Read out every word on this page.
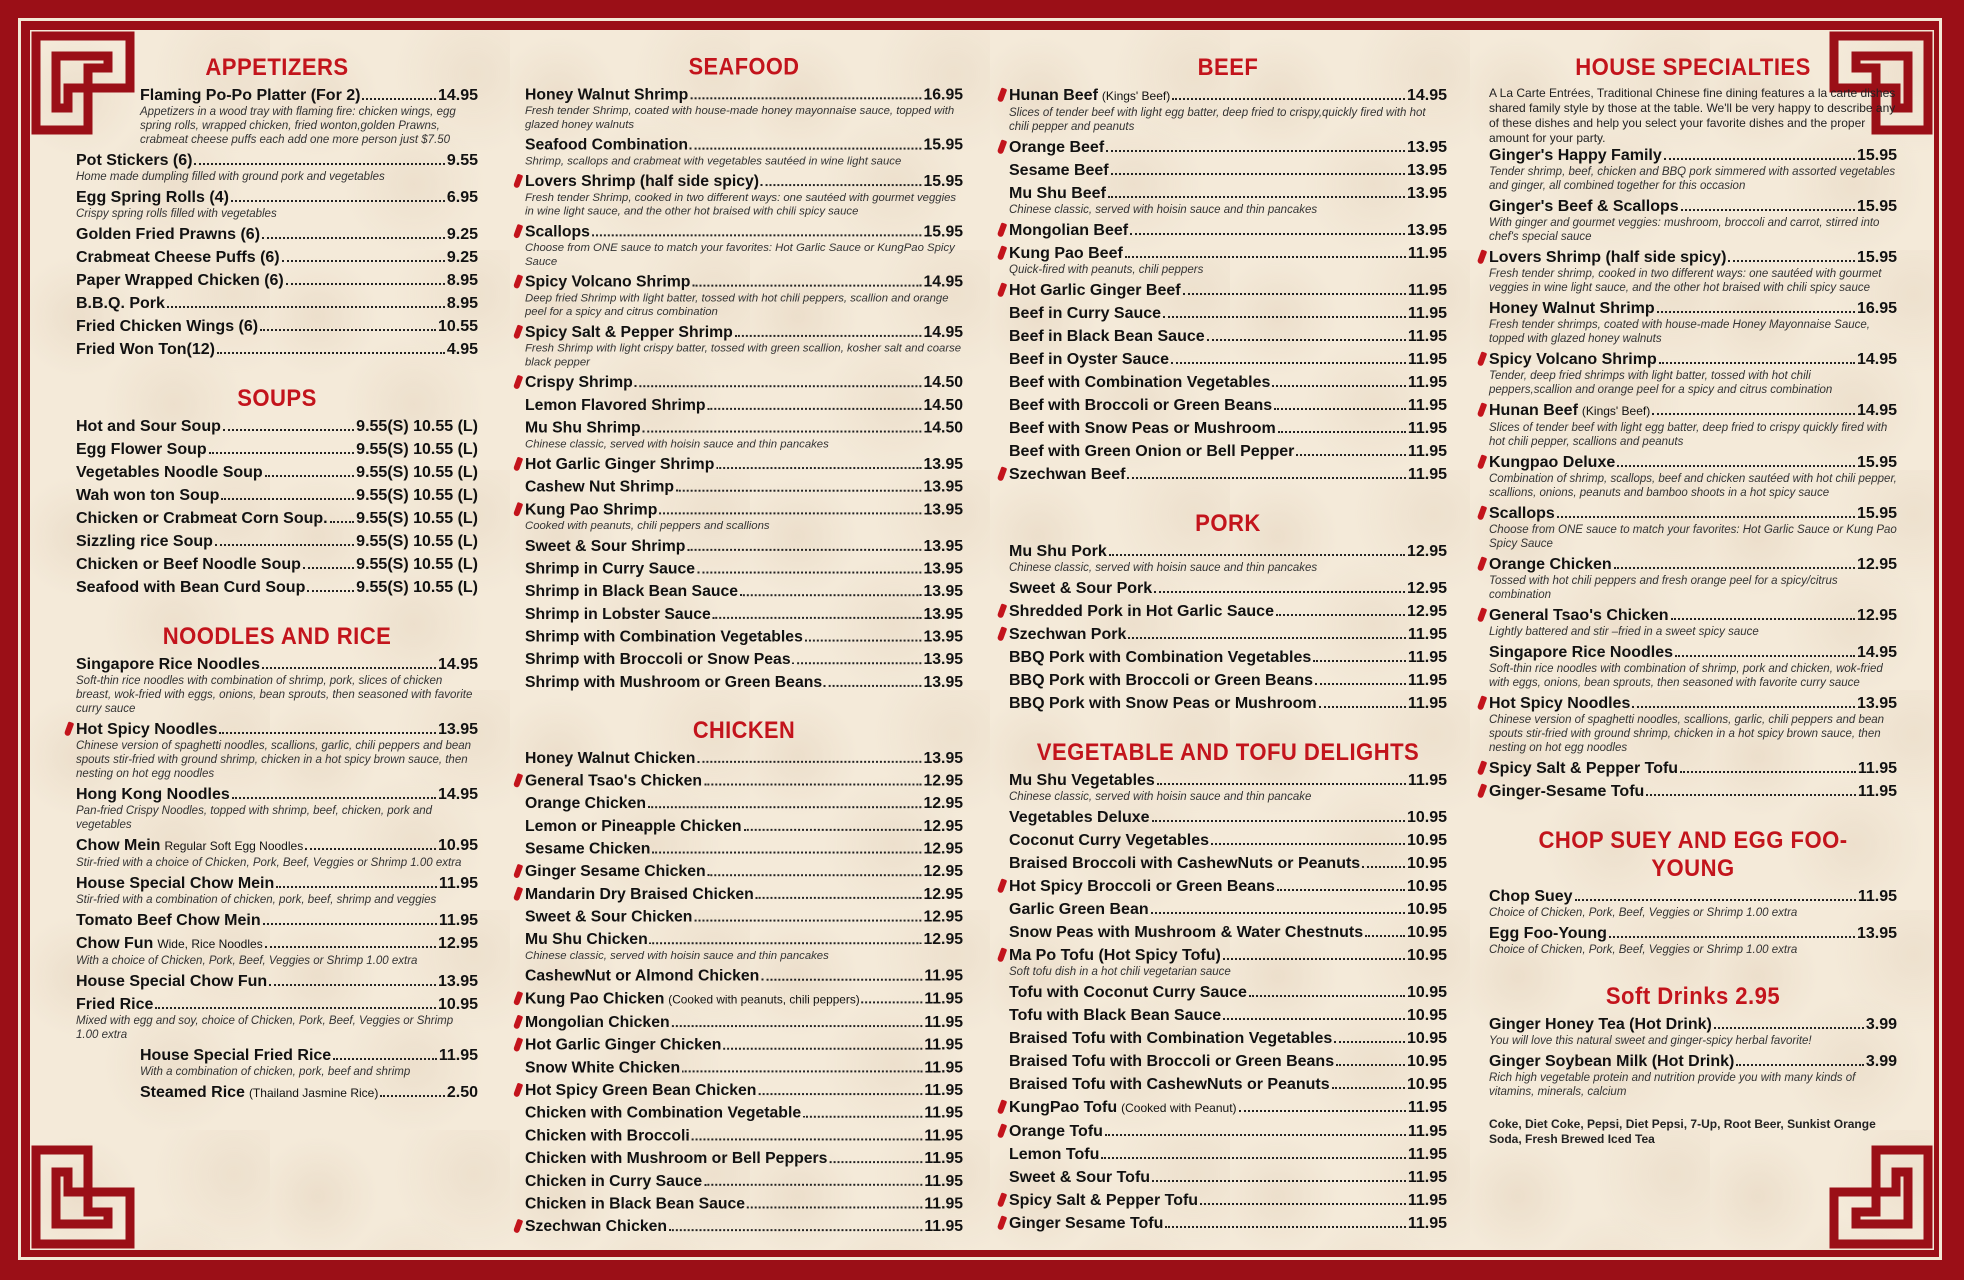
APPETIZERS
Flaming Po-Po Platter (For 2)	14.95
Appetizers in a wood tray with flaming fire: chicken wings, egg spring rolls, wrapped chicken, fried wonton,golden Prawns, crabmeat cheese puffs each add one more person just $7.50
Pot Stickers (6)	9.55
Home made dumpling filled with ground pork and vegetables
Egg Spring Rolls (4)	6.95
Crispy spring rolls filled with vegetables
Golden Fried Prawns (6)	9.25
Crabmeat Cheese Puffs (6)	9.25
Paper Wrapped Chicken (6)	8.95
B.B.Q. Pork	8.95
Fried Chicken Wings (6)	10.55
Fried Won Ton(12)	4.95
SOUPS
Hot and Sour Soup	9.55(S) 10.55 (L)
Egg Flower Soup	9.55(S) 10.55 (L)
Vegetables Noodle Soup	9.55(S) 10.55 (L)
Wah won ton Soup	9.55(S) 10.55 (L)
Chicken or Crabmeat Corn Soup. 9.55(S) 10.55 (L)
Sizzling rice Soup	9.55(S) 10.55 (L)
Chicken or Beef Noodle Soup	9.55(S) 10.55 (L)
Seafood with Bean Curd Soup	9.55(S) 10.55 (L)
NOODLES AND RICE
Singapore Rice Noodles	14.95
Soft-thin rice noodles with combination of shrimp, pork, slices of chicken breast, wok-fried with eggs, onions, bean sprouts, then seasoned with favorite curry sauce
Hot Spicy Noodles	13.95
Chinese version of spaghetti noodles, scallions, garlic, chili peppers and bean spouts stir-fried with ground shrimp, chicken in a hot spicy brown sauce, then nesting on hot egg noodles
Hong Kong Noodles	14.95
Pan-fried Crispy Noodles, topped with shrimp, beef, chicken, pork and vegetables
Chow Mein Regular Soft Egg Noodles	10.95
Stir-fried with a choice of Chicken, Pork, Beef, Veggies or Shrimp 1.00 extra
House Special Chow Mein	11.95
Stir-fried with a combination of chicken, pork, beef, shrimp and veggies
Tomato Beef Chow Mein	11.95
Chow Fun Wide, Rice Noodles	12.95
With a choice of Chicken, Pork, Beef, Veggies or Shrimp 1.00 extra
House Special Chow Fun	13.95
Fried Rice	10.95
Mixed with egg and soy, choice of Chicken, Pork, Beef, Veggies or Shrimp 1.00 extra
House Special Fried Rice	11.95
With a combination of chicken, pork, beef and shrimp
Steamed Rice (Thailand Jasmine Rice)	2.50
SEAFOOD
Honey Walnut Shrimp	16.95
Fresh tender Shrimp, coated with house-made honey mayonnaise sauce, topped with glazed honey walnuts
Seafood Combination	15.95
Shrimp, scallops and crabmeat with vegetables sautéed in wine light sauce
Lovers Shrimp (half side spicy)	15.95
Fresh tender Shrimp, cooked in two different ways: one sautéed with gourmet veggies in wine light sauce, and the other hot braised with chili spicy sauce
Scallops	15.95
Choose from ONE sauce to match your favorites: Hot Garlic Sauce or KungPao Spicy Sauce
Spicy Volcano Shrimp	14.95
Deep fried Shrimp with light batter, tossed with hot chili peppers, scallion and orange peel for a spicy and citrus combination
Spicy Salt & Pepper Shrimp	14.95
Fresh Shrimp with light crispy batter, tossed with green scallion, kosher salt and coarse black pepper
Crispy Shrimp	14.50
Lemon Flavored Shrimp	14.50
Mu Shu Shrimp	14.50
Chinese classic, served with hoisin sauce and thin pancakes
Hot Garlic Ginger Shrimp	13.95
Cashew Nut Shrimp	13.95
Kung Pao Shrimp	13.95
Cooked with peanuts, chili peppers and scallions
Sweet & Sour Shrimp	13.95
Shrimp in Curry Sauce	13.95
Shrimp in Black Bean Sauce	13.95
Shrimp in Lobster Sauce	13.95
Shrimp with Combination Vegetables	13.95
Shrimp with Broccoli or Snow Peas	13.95
Shrimp with Mushroom or Green Beans	13.95
CHICKEN
Honey Walnut Chicken	13.95
General Tsao's Chicken	12.95
Orange Chicken	12.95
Lemon or Pineapple Chicken	12.95
Sesame Chicken	12.95
Ginger Sesame Chicken	12.95
Mandarin Dry Braised Chicken	12.95
Sweet & Sour Chicken	12.95
Mu Shu Chicken	12.95
Chinese classic, served with hoisin sauce and thin pancakes
CashewNut or Almond Chicken	11.95
Kung Pao Chicken (Cooked with peanuts, chili peppers)	11.95
Mongolian Chicken	11.95
Hot Garlic Ginger Chicken	11.95
Snow White Chicken	11.95
Hot Spicy Green Bean Chicken	11.95
Chicken with Combination Vegetable	11.95
Chicken with Broccoli	11.95
Chicken with Mushroom or Bell Peppers	11.95
Chicken in Curry Sauce	11.95
Chicken in Black Bean Sauce	11.95
Szechwan Chicken	11.95
BEEF
Hunan Beef (Kings' Beef)	14.95
Slices of tender beef with light egg batter, deep fried to crispy,quickly fired with hot chili pepper and peanuts
Orange Beef	13.95
Sesame Beef	13.95
Mu Shu Beef	13.95
Chinese classic, served with hoisin sauce and thin pancakes
Mongolian Beef	13.95
Kung Pao Beef	11.95
Quick-fired with peanuts, chili peppers
Hot Garlic Ginger Beef	11.95
Beef in Curry Sauce	11.95
Beef in Black Bean Sauce	11.95
Beef in Oyster Sauce	11.95
Beef with Combination Vegetables	11.95
Beef with Broccoli or Green Beans	11.95
Beef with Snow Peas or Mushroom	11.95
Beef with Green Onion or Bell Pepper	11.95
Szechwan Beef	11.95
PORK
Mu Shu Pork	12.95
Chinese classic, served with hoisin sauce and thin pancakes
Sweet & Sour Pork	12.95
Shredded Pork in Hot Garlic Sauce	12.95
Szechwan Pork	11.95
BBQ Pork with Combination Vegetables	11.95
BBQ Pork with Broccoli or Green Beans	11.95
BBQ Pork with Snow Peas or Mushroom	11.95
VEGETABLE AND TOFU DELIGHTS
Mu Shu Vegetables	11.95
Chinese classic, served with hoisin sauce and thin pancake
Vegetables Deluxe	10.95
Coconut Curry Vegetables	10.95
Braised Broccoli with CashewNuts or Peanuts	10.95
Hot Spicy Broccoli or Green Beans	10.95
Garlic Green Bean	10.95
Snow Peas with Mushroom & Water Chestnuts	10.95
Ma Po Tofu (Hot Spicy Tofu)	10.95
Soft tofu dish in a hot chili vegetarian sauce
Tofu with Coconut Curry Sauce	10.95
Tofu with Black Bean Sauce	10.95
Braised Tofu with Combination Vegetables	10.95
Braised Tofu with Broccoli or Green Beans	10.95
Braised Tofu with CashewNuts or Peanuts	10.95
KungPao Tofu (Cooked with Peanut)	11.95
Orange Tofu	11.95
Lemon Tofu	11.95
Sweet & Sour Tofu	11.95
Spicy Salt & Pepper Tofu	11.95
Ginger Sesame Tofu	11.95
HOUSE SPECIALTIES
A La Carte Entrées, Traditional Chinese fine dining features a la carte dishes shared family style by those at the table. We'll be very happy to describe any of these dishes and help you select your favorite dishes and the proper amount for your party.
Ginger's Happy Family	15.95
Tender shrimp, beef, chicken and BBQ pork simmered with assorted vegetables and ginger, all combined together for this occasion
Ginger's Beef & Scallops	15.95
With ginger and gourmet veggies: mushroom, broccoli and carrot, stirred into chef's special sauce
Lovers Shrimp (half side spicy)	15.95
Fresh tender shrimp, cooked in two different ways: one sautéed with gourmet veggies in wine light sauce, and the other hot braised with chili spicy sauce
Honey Walnut Shrimp	16.95
Fresh tender shrimps, coated with house-made Honey Mayonnaise Sauce, topped with glazed honey walnuts
Spicy Volcano Shrimp	14.95
Tender, deep fried shrimps with light batter, tossed with hot chili peppers,scallion and orange peel for a spicy and citrus combination
Hunan Beef (Kings' Beef)	14.95
Slices of tender beef with light egg batter, deep fried to crispy quickly fired with hot chili pepper, scallions and peanuts
Kungpao Deluxe	15.95
Combination of shrimp, scallops, beef and chicken sautéed with hot chili pepper, scallions, onions, peanuts and bamboo shoots in a hot spicy sauce
Scallops	15.95
Choose from ONE sauce to match your favorites: Hot Garlic Sauce or Kung Pao Spicy Sauce
Orange Chicken	12.95
Tossed with hot chili peppers and fresh orange peel for a spicy/citrus combination
General Tsao's Chicken	12.95
Lightly battered and stir –fried in a sweet spicy sauce
Singapore Rice Noodles	14.95
Soft-thin rice noodles with combination of shrimp, pork and chicken, wok-fried with eggs, onions, bean sprouts, then seasoned with favorite curry sauce
Hot Spicy Noodles	13.95
Chinese version of spaghetti noodles, scallions, garlic, chili peppers and bean spouts stir-fried with ground shrimp, chicken in a hot spicy brown sauce, then nesting on hot egg noodles
Spicy Salt & Pepper Tofu	11.95
Ginger-Sesame Tofu	11.95
CHOP SUEY AND EGG FOO-YOUNG
Chop Suey	11.95
Choice of Chicken, Pork, Beef, Veggies or Shrimp 1.00 extra
Egg Foo-Young	13.95
Choice of Chicken, Pork, Beef, Veggies or Shrimp 1.00 extra
Soft Drinks 2.95
Ginger Honey Tea (Hot Drink)	3.99
You will love this natural sweet and ginger-spicy herbal favorite!
Ginger Soybean Milk (Hot Drink)	3.99
Rich high vegetable protein and nutrition provide you with many kinds of vitamins, minerals, calcium
Coke, Diet Coke, Pepsi, Diet Pepsi, 7-Up, Root Beer, Sunkist Orange Soda, Fresh Brewed Iced Tea
